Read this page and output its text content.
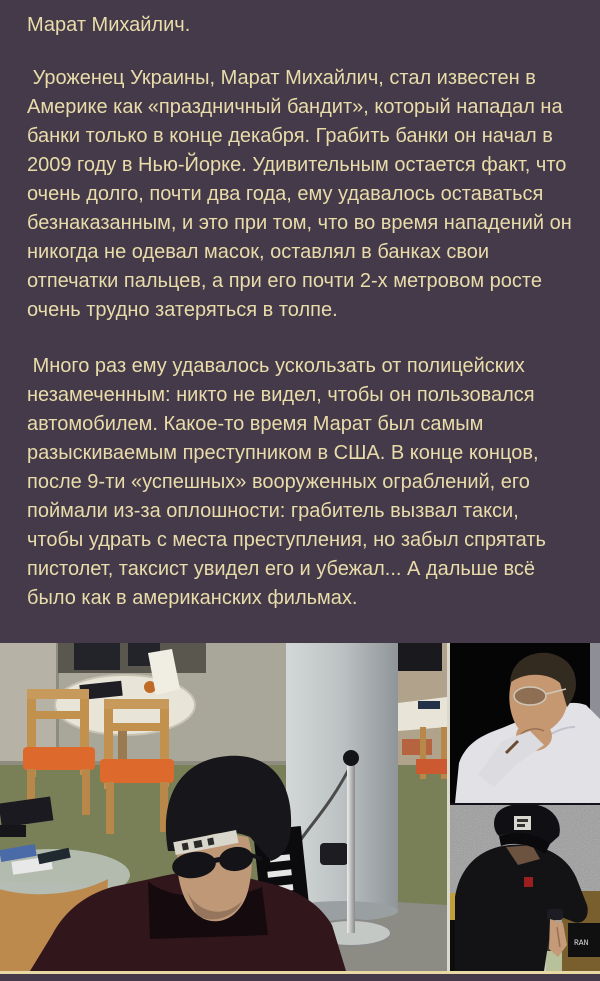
Марат Михайлич.

Уроженец Украины, Марат Михайлич, стал известен в Америке как «праздничный бандит», который нападал на банки только в конце декабря. Грабить банки он начал в 2009 году в Нью-Йорке. Удивительным остается факт, что очень долго, почти два года, ему удавалось оставаться безнаказанным, и это при том, что во время нападений он никогда не одевал масок, оставлял в банках свои отпечатки пальцев, а при его почти 2-х метровом росте очень трудно затеряться в толпе.

Много раз ему удавалось ускользать от полицейских незамеченным: никто не видел, чтобы он пользовался автомобилем. Какое-то время Марат был самым разыскиваемым преступником в США. В конце концов, после 9-ти «успешных» вооруженных ограблений, его поймали из-за оплошности: грабитель вызвал такси, чтобы удрать с места преступления, но забыл спрятать пистолет, таксист увидел его и убежал... А дальше всё было как в американских фильмах.

RAN
